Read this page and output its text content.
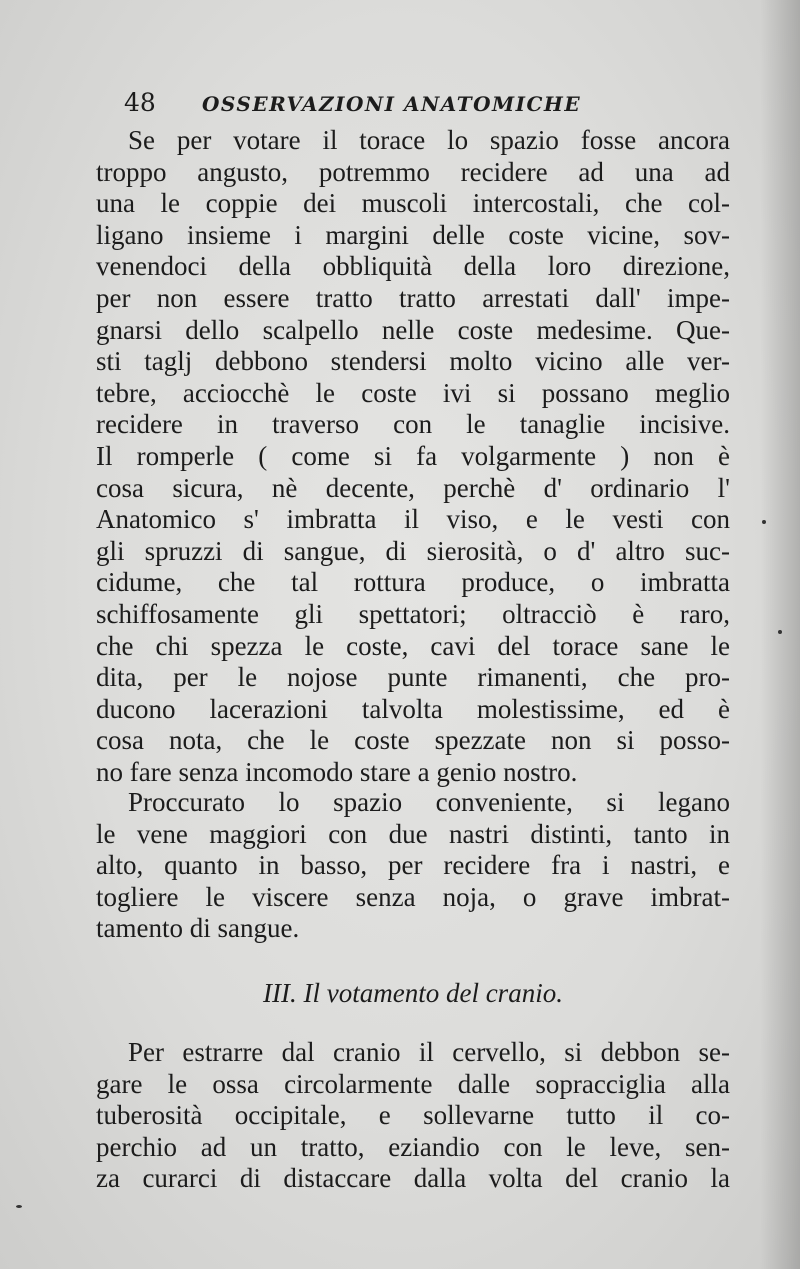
48 OSSERVAZIONI ANATOMICHE
Se per votare il torace lo spazio fosse ancora
troppo angusto, potremmo recidere ad una ad
una le coppie dei muscoli intercostali, che col-
ligano insieme i margini delle coste vicine, sov-
venendoci della obbliquità della loro direzione,
per non essere tratto tratto arrestati dall' impe-
gnarsi dello scalpello nelle coste medesime. Que-
sti taglj debbono stendersi molto vicino alle ver-
tebre, acciocchè le coste ivi si possano meglio
recidere in traverso con le tanaglie incisive.
Il romperle ( come si fa volgarmente ) non è
cosa sicura, nè decente, perchè d' ordinario l'
Anatomico s' imbratta il viso, e le vesti con
gli spruzzi di sangue, di sierosità, o d' altro suc-
cidume, che tal rottura produce, o imbratta
schiffosamente gli spettatori; oltracciò è raro,
che chi spezza le coste, cavi del torace sane le
dita, per le nojose punte rimanenti, che pro-
ducono lacerazioni talvolta molestissime, ed è
cosa nota, che le coste spezzate non si posso-
no fare senza incomodo stare a genio nostro.
Proccurato lo spazio conveniente, si legano
le vene maggiori con due nastri distinti, tanto in
alto, quanto in basso, per recidere fra i nastri, e
togliere le viscere senza noja, o grave imbrat-
tamento di sangue.
III. Il votamento del cranio.
Per estrarre dal cranio il cervello, si debbon se-
gare le ossa circolarmente dalle sopracciglia alla
tuberosità occipitale, e sollevarne tutto il co-
perchio ad un tratto, eziandio con le leve, sen-
za curarci di distaccare dalla volta del cranio la
